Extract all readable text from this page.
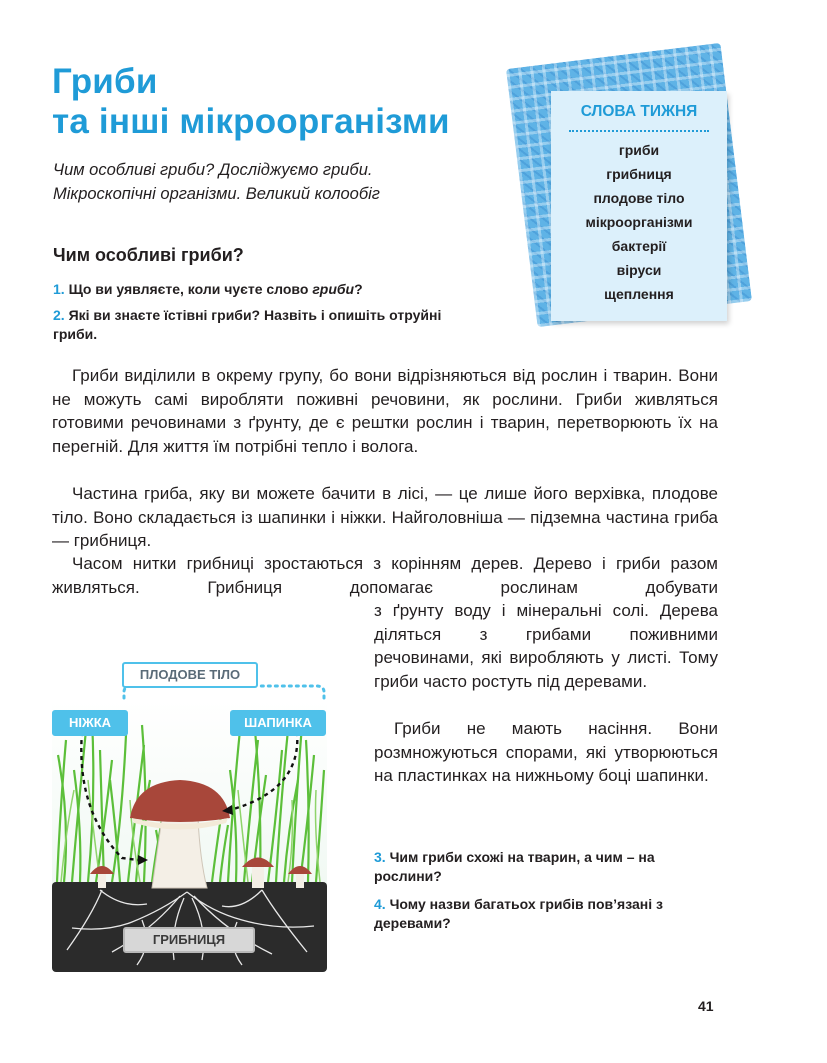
Гриби
та інші мікроорганізми
Чим особливі гриби? Досліджуємо гриби.
Мікроскопічні організми. Великий колообіг
СЛОВА ТИЖНЯ
гриби
грибниця
плодове тіло
мікроорганізми
бактерії
віруси
щеплення
Чим особливі гриби?
1. Що ви уявляєте, коли чуєте слово гриби?
2. Які ви знаєте їстівні гриби? Назвіть і опишіть отруйні гриби.

Гриби виділили в окрему групу, бо вони відрізняються від рослин і тварин. Вони не можуть самі виробляти поживні речовини, як рослини. Гриби живляться готовими речовинами з ґрунту, де є рештки рослин і тварин, перетворюють їх на перегній. Для життя їм потрібні тепло і волога.

Частина гриба, яку ви можете бачити в лісі, — це лише його верхівка, плодове тіло. Воно складається із шапинки і ніжки. Найголовніша — підземна частина гриба — грибниця.

Часом нитки грибниці зростаються з корінням дерев. Дерево і гриби разом живляться. Грибниця допомагає рослинам добувати

з ґрунту воду і мінеральні солі. Дерева діляться з грибами поживними речовинами, які виробляють у листі. Тому гриби часто ростуть під деревами.

Гриби не мають насіння. Вони розмножуються спорами, які утворюються на пластинках на нижньому боці шапинки.

ПЛОДОВЕ ТІЛО
НІЖКА	ШАПИНКА
ГРИБНИЦЯ
3. Чим гриби схожі на тварин, а чим – на рослини?
4. Чому назви багатьох грибів пов’язані з деревами?
41
